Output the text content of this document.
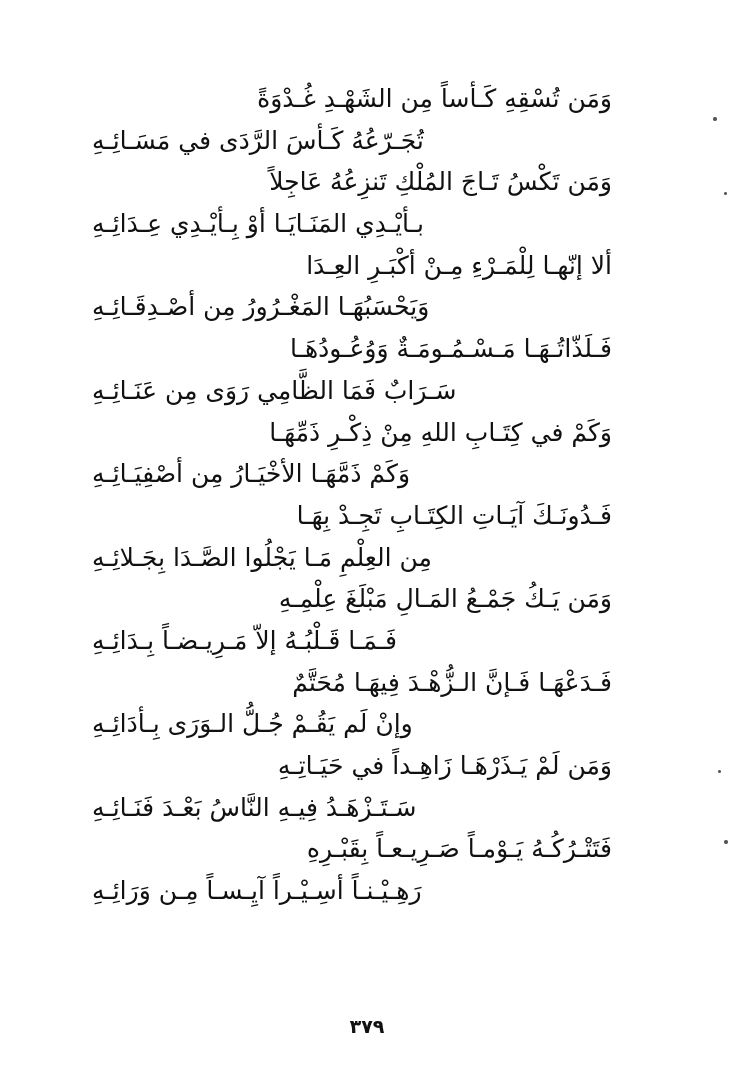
وَمَن تُسْقِهِ كَـأساً مِن الشَهْـدِ غُـدْوَةً
تُجَـرّعُهُ كَـأسَ الرَّدَى في مَسَـائِـهِ
وَمَن تَكْسُ تَـاجَ المُلْكِ تَنزِعُهُ عَاجِلاً
بـأيْـدِي المَنَـايَـا أوْ بِـأيْـدِي عِـدَائِـهِ
ألا إنّهـا لِلْمَـرْءِ مِـنْ أكْبَـرِ العِـدَا
وَيَحْسَبُهَـا المَغْـرُورُ مِن أصْـدِقَـائِـهِ
فَـلَذّاتُـهَـا مَـسْـمُـومَـةٌ وَوُعُـودُهَـا
سَـرَابٌ فَمَا الظَّامِي رَوَى مِن عَنَـائِـهِ
وَكَمْ في كِتَـابِ اللهِ مِنْ ذِكْـرِ ذَمِّهَـا
وَكَمْ ذَمَّهَـا الأخْيَـارُ مِن أصْفِيَـائِـهِ
فَـدُونَـكَ آيَـاتِ الكِتَـابِ تَجِـدْ بِهَـا
مِن العِلْمِ مَـا يَجْلُوا الصَّـدَا بِجَـلائِـهِ
وَمَن يَـكُ جَمْـعُ المَـالِ مَبْلَغَ عِلْمِـهِ
فَـمَـا قَـلْبُـهُ إلاّ مَـرِيـضـاً بِـدَائِـهِ
فَـدَعْهَـا فَـإنَّ الـزُّهْـدَ فِيهَـا مُحَتَّمٌ
وإنْ لَم يَقُـمْ جُـلُّ الـوَرَى بِـأدَائِـهِ
وَمَن لَمْ يَـذَرْهَـا زَاهِـداً في حَيَـاتِـهِ
سَـتَـزْهَـدُ فِيـهِ النَّاسُ بَعْـدَ فَنَـائِـهِ
فَتَتْـرُكُـهُ يَـوْمـاً صَـرِيـعـاً بِقَبْـرِهِ
رَهِـيْـنـاً أسِـيْـراً آيِـسـاً مِـن وَرَائِـهِ
٣٧٩
